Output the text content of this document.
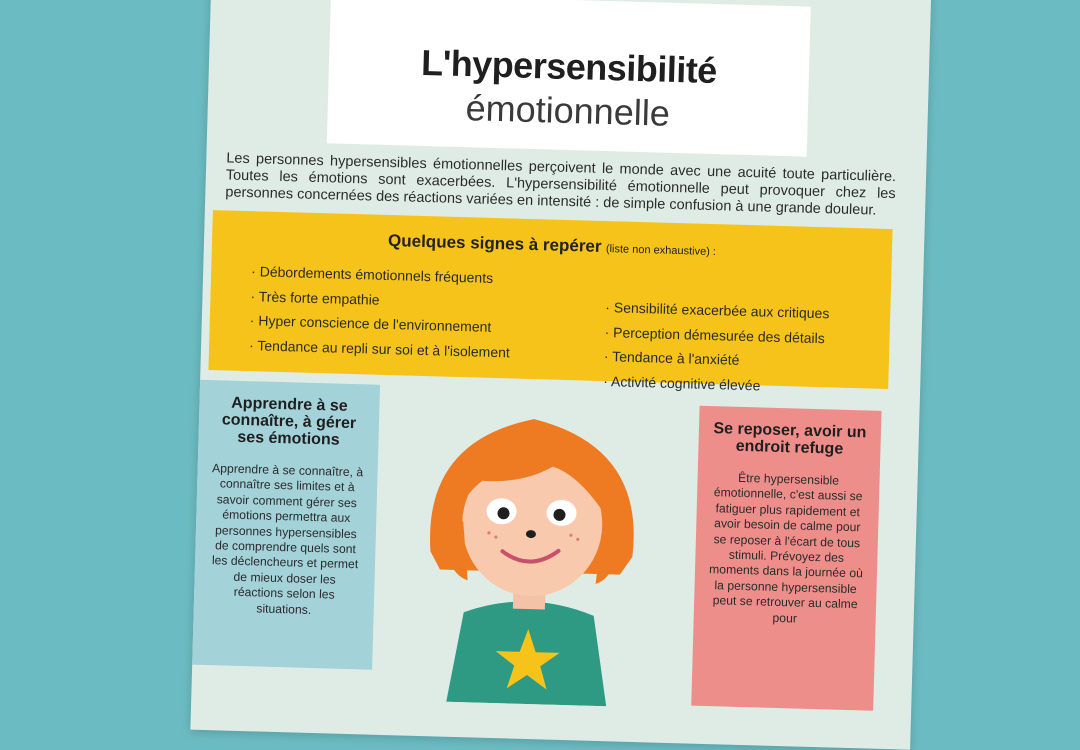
L'hypersensibilité
émotionnelle
Les personnes hypersensibles émotionnelles perçoivent le monde avec une acuité toute particulière. Toutes les émotions sont exacerbées. L'hypersensibilité émotionnelle peut provoquer chez les personnes concernées des réactions variées en intensité : de simple confusion à une grande douleur.
Quelques signes à repérer (liste non exhaustive) :
· Débordements émotionnels fréquents
· Très forte empathie
· Hyper conscience de l'environnement
· Tendance au repli sur soi et à l'isolement
· Sensibilité exacerbée aux critiques
· Perception démesurée des détails
· Tendance à l'anxiété
· Activité cognitive élevée
Apprendre à se connaître, à gérer ses émotions
Apprendre à se connaître, à connaître ses limites et à savoir comment gérer ses émotions permettra aux personnes hypersensibles de comprendre quels sont les déclencheurs et permet de mieux doser les réactions selon les situations.
Se reposer, avoir un endroit refuge
Être hypersensible émotionnelle, c'est aussi se fatiguer plus rapidement et avoir besoin de calme pour se reposer à l'écart de tous stimuli. Prévoyez des moments dans la journée où la personne hypersensible peut se retrouver au calme pour
